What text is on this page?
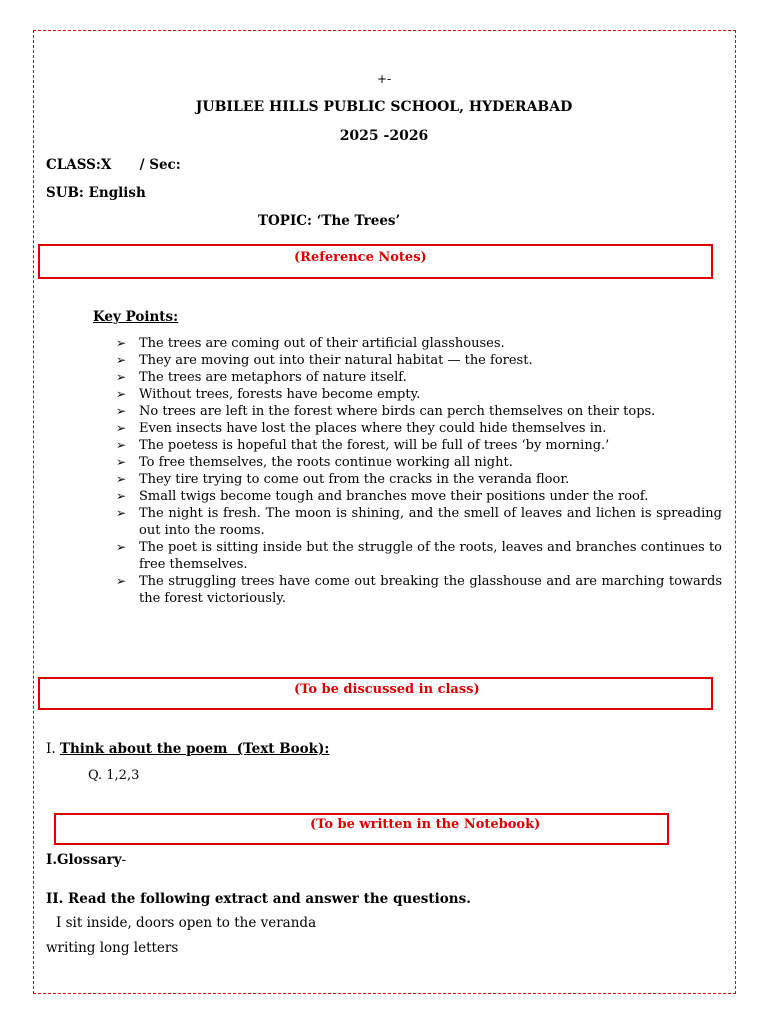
+-
JUBILEE HILLS PUBLIC SCHOOL, HYDERABAD
2025 -2026
CLASS:X      / Sec:
SUB: English
TOPIC: ‘The Trees’
(Reference Notes)
Key Points:
➢ The trees are coming out of their artificial glasshouses.
➢ They are moving out into their natural habitat — the forest.
➢ The trees are metaphors of nature itself.
➢ Without trees, forests have become empty.
➢ No trees are left in the forest where birds can perch themselves on their tops.
➢ Even insects have lost the places where they could hide themselves in.
➢ The poetess is hopeful that the forest, will be full of trees ‘by morning.’
➢ To free themselves, the roots continue working all night.
➢ They tire trying to come out from the cracks in the veranda floor.
➢ Small twigs become tough and branches move their positions under the roof.
➢ The night is fresh. The moon is shining, and the smell of leaves and lichen is spreading out into the rooms.
➢ The poet is sitting inside but the struggle of the roots, leaves and branches continues to free themselves.
➢ The struggling trees have come out breaking the glasshouse and are marching towards the forest victoriously.
(To be discussed in class)
I. Think about the poem  (Text Book):
Q. 1,2,3
(To be written in the Notebook)
I.Glossary-
II. Read the following extract and answer the questions.
I sit inside, doors open to the veranda
writing long letters
